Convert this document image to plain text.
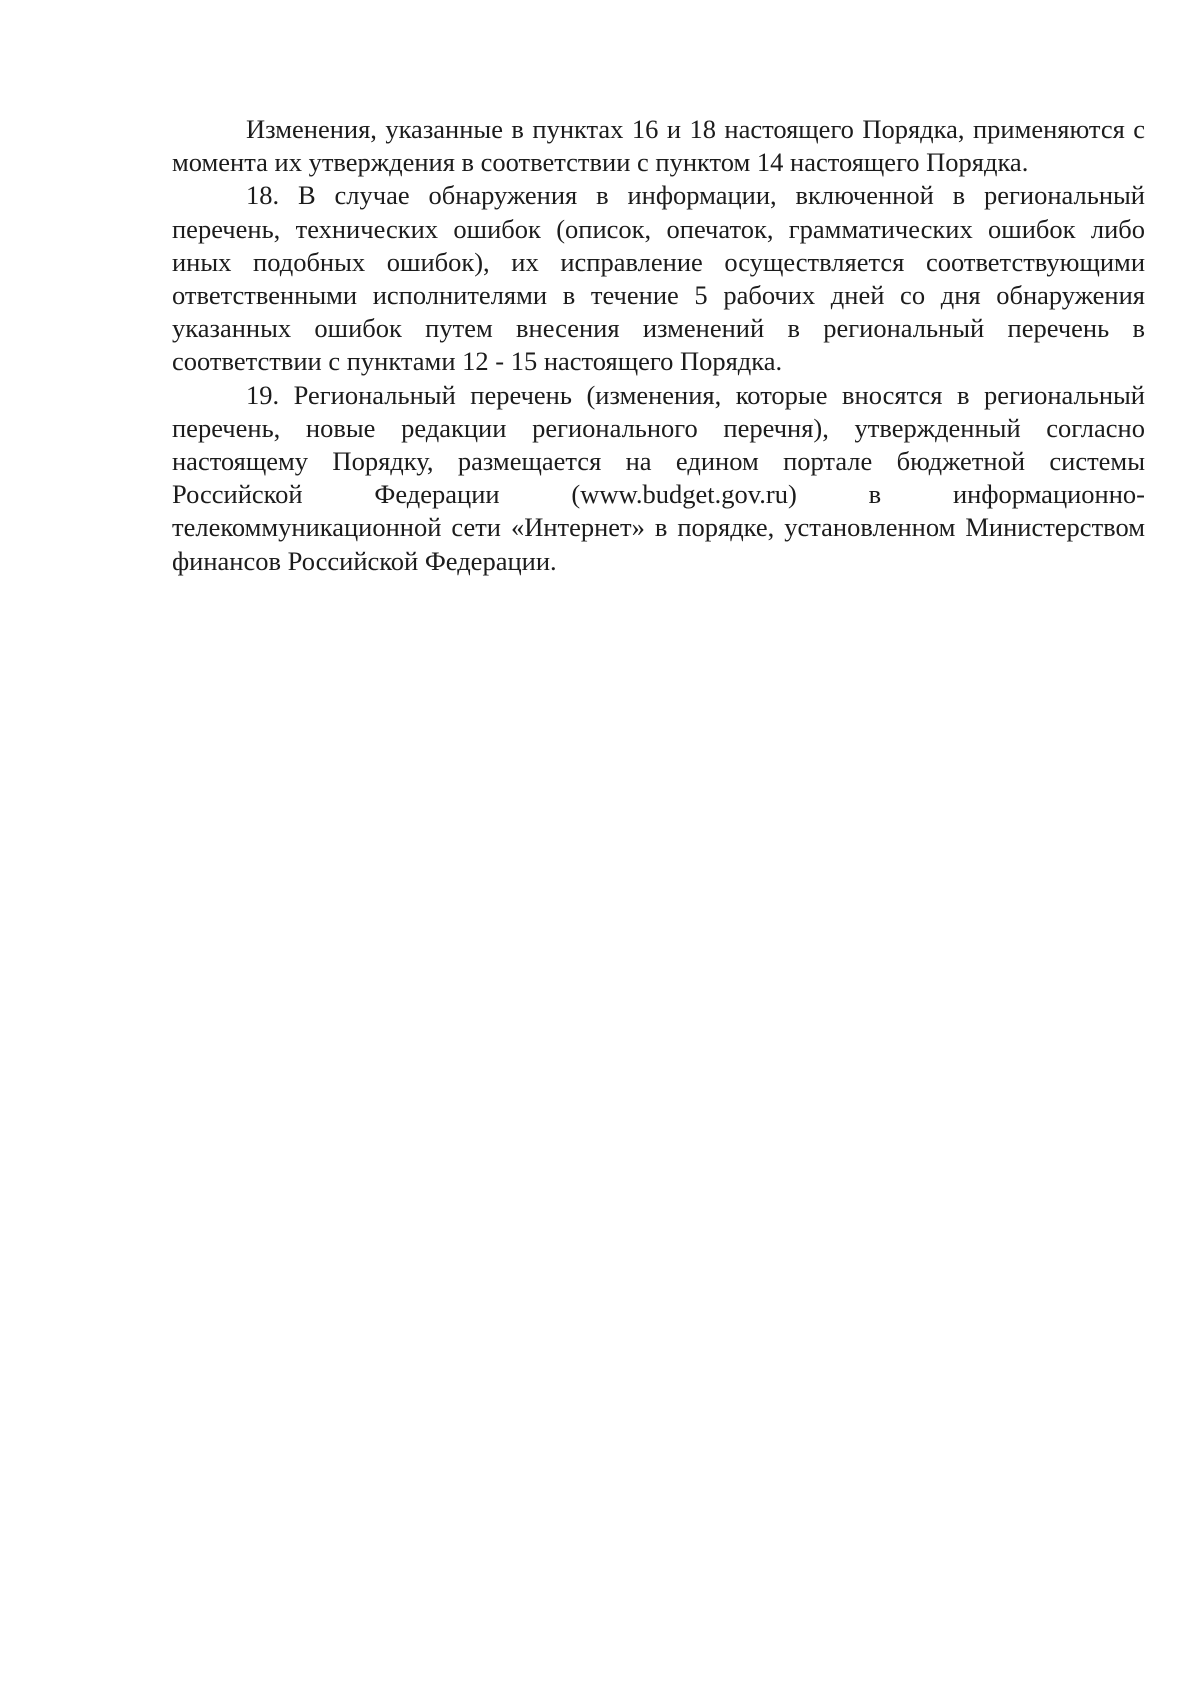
Изменения, указанные в пунктах 16 и 18 настоящего Порядка, применяются с момента их утверждения в соответствии с пунктом 14 настоящего Порядка.

18. В случае обнаружения в информации, включенной в региональный перечень, технических ошибок (описок, опечаток, грамматических ошибок либо иных подобных ошибок), их исправление осуществляется соответствующими ответственными исполнителями в течение 5 рабочих дней со дня обнаружения указанных ошибок путем внесения изменений в региональный перечень в соответствии с пунктами 12 - 15 настоящего Порядка.

19. Региональный перечень (изменения, которые вносятся в региональный перечень, новые редакции регионального перечня), утвержденный согласно настоящему Порядку, размещается на едином портале бюджетной системы Российской Федерации (www.budget.gov.ru) в информационно-телекоммуникационной сети «Интернет» в порядке, установленном Министерством финансов Российской Федерации.
